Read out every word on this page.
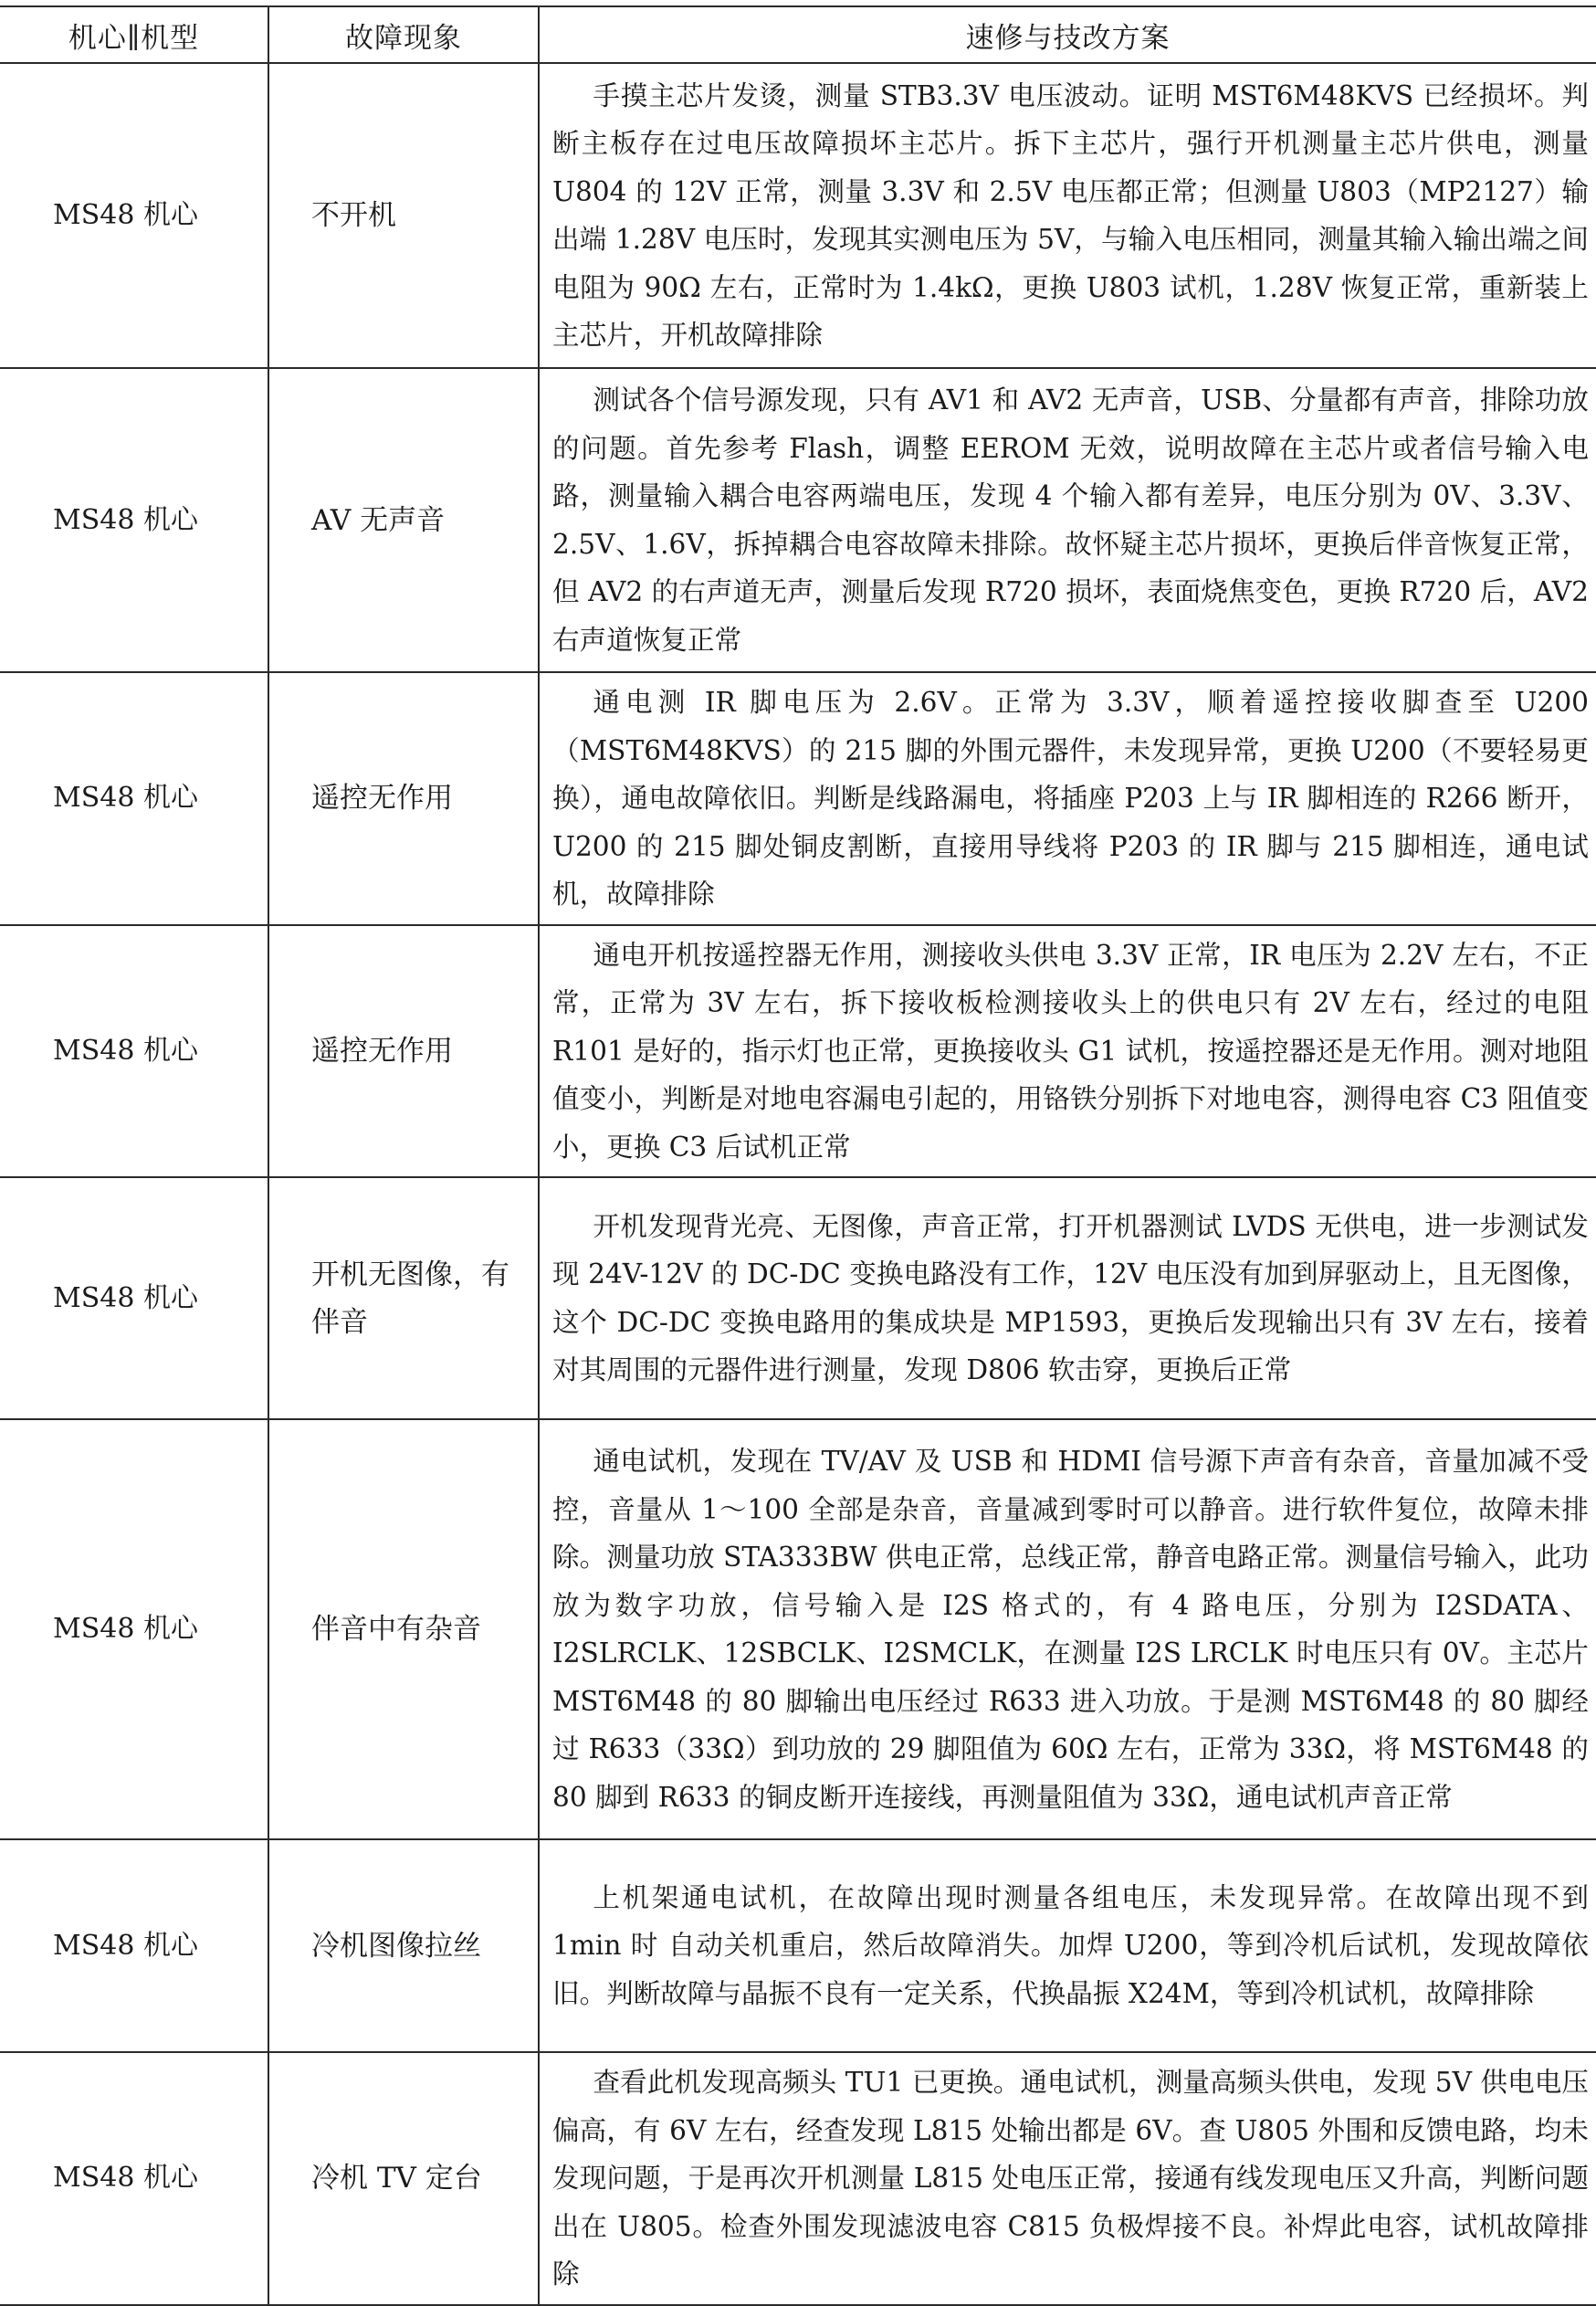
机心∥机型	故障现象	速修与技改方案
MS48 机心	不开机	手摸主芯片发烫，测量 STB3.3V 电压波动。证明 MST6M48KVS 已经损坏。判断主板存在过电压故障损坏主芯片。拆下主芯片，强行开机测量主芯片供电，测量 U804 的 12V 正常，测量 3.3V 和 2.5V 电压都正常；但测量 U803（MP2127）输出端 1.28V 电压时，发现其实测电压为 5V，与输入电压相同，测量其输入输出端之间电阻为 90Ω 左右，正常时为 1.4kΩ，更换 U803 试机，1.28V 恢复正常，重新装上主芯片，开机故障排除

MS48 机心	AV 无声音	测试各个信号源发现，只有 AV1 和 AV2 无声音，USB、分量都有声音，排除功放的问题。首先参考 Flash，调整 EEROM 无效，说明故障在主芯片或者信号输入电路，测量输入耦合电容两端电压，发现 4 个输入都有差异，电压分别为 0V、3.3V、2.5V、1.6V，拆掉耦合电容故障未排除。故怀疑主芯片损坏，更换后伴音恢复正常，但 AV2 的右声道无声，测量后发现 R720 损坏，表面烧焦变色，更换 R720 后，AV2 右声道恢复正常

MS48 机心	遥控无作用	通电测 IR 脚电压为 2.6V。正常为 3.3V，顺着遥控接收脚查至 U200（MST6M48KVS）的 215 脚的外围元器件，未发现异常，更换 U200（不要轻易更换），通电故障依旧。判断是线路漏电，将插座 P203 上与 IR 脚相连的 R266 断开，U200 的 215 脚处铜皮割断，直接用导线将 P203 的 IR 脚与 215 脚相连，通电试机，故障排除

MS48 机心	遥控无作用	通电开机按遥控器无作用，测接收头供电 3.3V 正常，IR 电压为 2.2V 左右，不正常，正常为 3V 左右，拆下接收板检测接收头上的供电只有 2V 左右，经过的电阻 R101 是好的，指示灯也正常，更换接收头 G1 试机，按遥控器还是无作用。测对地阻值变小，判断是对地电容漏电引起的，用铬铁分别拆下对地电容，测得电容 C3 阻值变小，更换 C3 后试机正常

MS48 机心	开机无图像，有伴音	开机发现背光亮、无图像，声音正常，打开机器测试 LVDS 无供电，进一步测试发现 24V-12V 的 DC-DC 变换电路没有工作，12V 电压没有加到屏驱动上，且无图像，这个 DC-DC 变换电路用的集成块是 MP1593，更换后发现输出只有 3V 左右，接着对其周围的元器件进行测量，发现 D806 软击穿，更换后正常

MS48 机心	伴音中有杂音	通电试机，发现在 TV/AV 及 USB 和 HDMI 信号源下声音有杂音，音量加减不受控，音量从 1～100 全部是杂音，音量减到零时可以静音。进行软件复位，故障未排除。测量功放 STA333BW 供电正常，总线正常，静音电路正常。测量信号输入，此功放为数字功放，信号输入是 I2S 格式的，有 4 路电压，分别为 I2SDATA、I2SLRCLK、12SBCLK、I2SMCLK，在测量 I2S LRCLK 时电压只有 0V。主芯片 MST6M48 的 80 脚输出电压经过 R633 进入功放。于是测 MST6M48 的 80 脚经过 R633（33Ω）到功放的 29 脚阻值为 60Ω 左右，正常为 33Ω，将 MST6M48 的 80 脚到 R633 的铜皮断开连接线，再测量阻值为 33Ω，通电试机声音正常

MS48 机心	冷机图像拉丝	上机架通电试机，在故障出现时测量各组电压，未发现异常。在故障出现不到 1min 时 自动关机重启，然后故障消失。加焊 U200，等到冷机后试机，发现故障依旧。判断故障与晶振不良有一定关系，代换晶振 X24M，等到冷机试机，故障排除

MS48 机心	冷机 TV 定台	查看此机发现高频头 TU1 已更换。通电试机，测量高频头供电，发现 5V 供电电压偏高，有 6V 左右，经查发现 L815 处输出都是 6V。查 U805 外围和反馈电路，均未发现问题，于是再次开机测量 L815 处电压正常，接通有线发现电压又升高，判断问题出在 U805。检查外围发现滤波电容 C815 负极焊接不良。补焊此电容，试机故障排除
